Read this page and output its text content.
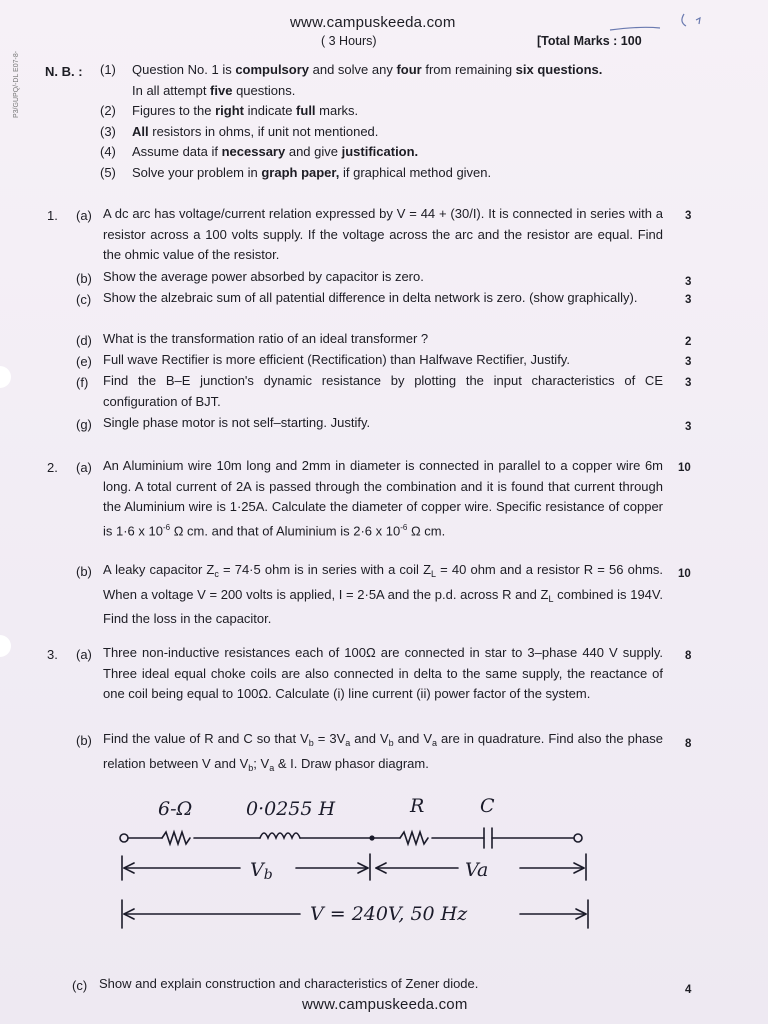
P3/GUPQ/-DL E07-8-
www.campuskeeda.com
( 3 Hours)	[Total Marks : 100
N. B. : (1)	Question No. 1 is compulsory and solve any four from remaining six questions.
In all attempt five questions.
(2)	Figures to the right indicate full marks.
(3)	All resistors in ohms, if unit not mentioned.
(4)	Assume data if necessary and give justification.
(5)	Solve your problem in graph paper, if graphical method given.
1. (a) A dc arc has voltage/current relation expressed by V = 44 + (30/I). It is connected in series with a resistor across a 100 volts supply. If the voltage across the arc and the resistor are equal. Find the ohmic value of the resistor.
3
(b) Show the average power absorbed by capacitor is zero.	3
(c) Show the alzebraic sum of all patential difference in delta network is zero. (show graphically).	3
(d) What is the transformation ratio of an ideal transformer ?	2
(e) Full wave Rectifier is more efficient (Rectification) than Halfwave Rectifier, Justify.	3
(f) Find the B–E junction's dynamic resistance by plotting the input characteristics of CE configuration of BJT.
3
(g) Single phase motor is not self–starting. Justify.	3
2. (a) An Aluminium wire 10m long and 2mm in diameter is connected in parallel to a copper wire 6m long. A total current of 2A is passed through the combination and it is found that current through the Aluminium wire is 1·25A. Calculate the diameter of copper wire. Specific resistance of copper is 1·6 x $10^{-6}$ Ω cm. and that of Aluminium is 2·6 x $10^{-6}$ Ω cm.
10
(b) A leaky capacitor $Z_c = 74\cdot 5$ ohm is in series with a coil $Z_L = 40$ ohm and a resistor R = 56 ohms. When a voltage V = 200 volts is applied, I = 2·5A and the p.d. across R and $Z_L$ combined is 194V. Find the loss in the capacitor.
10
3. (a) Three non-inductive resistances each of 100Ω are connected in star to 3–phase 440 V supply. Three ideal equal choke coils are also connected in delta to the same supply, the reactance of one coil being equal to 100Ω. Calculate (i) line current (ii) power factor of the system.
8
(b) Find the value of R and C so that $V_b = 3V_a$ and $V_b$ and $V_a$ are in quadrature. Find also the phase relation between V and $V_b$; $V_a$ & I. Draw phasor diagram.
8
6-Ω	0·0255 H	R	C
$V_b$	Va
V = 240V, 50 Hz
(c) Show and explain construction and characteristics of Zener diode.	4
www.campuskeeda.com
